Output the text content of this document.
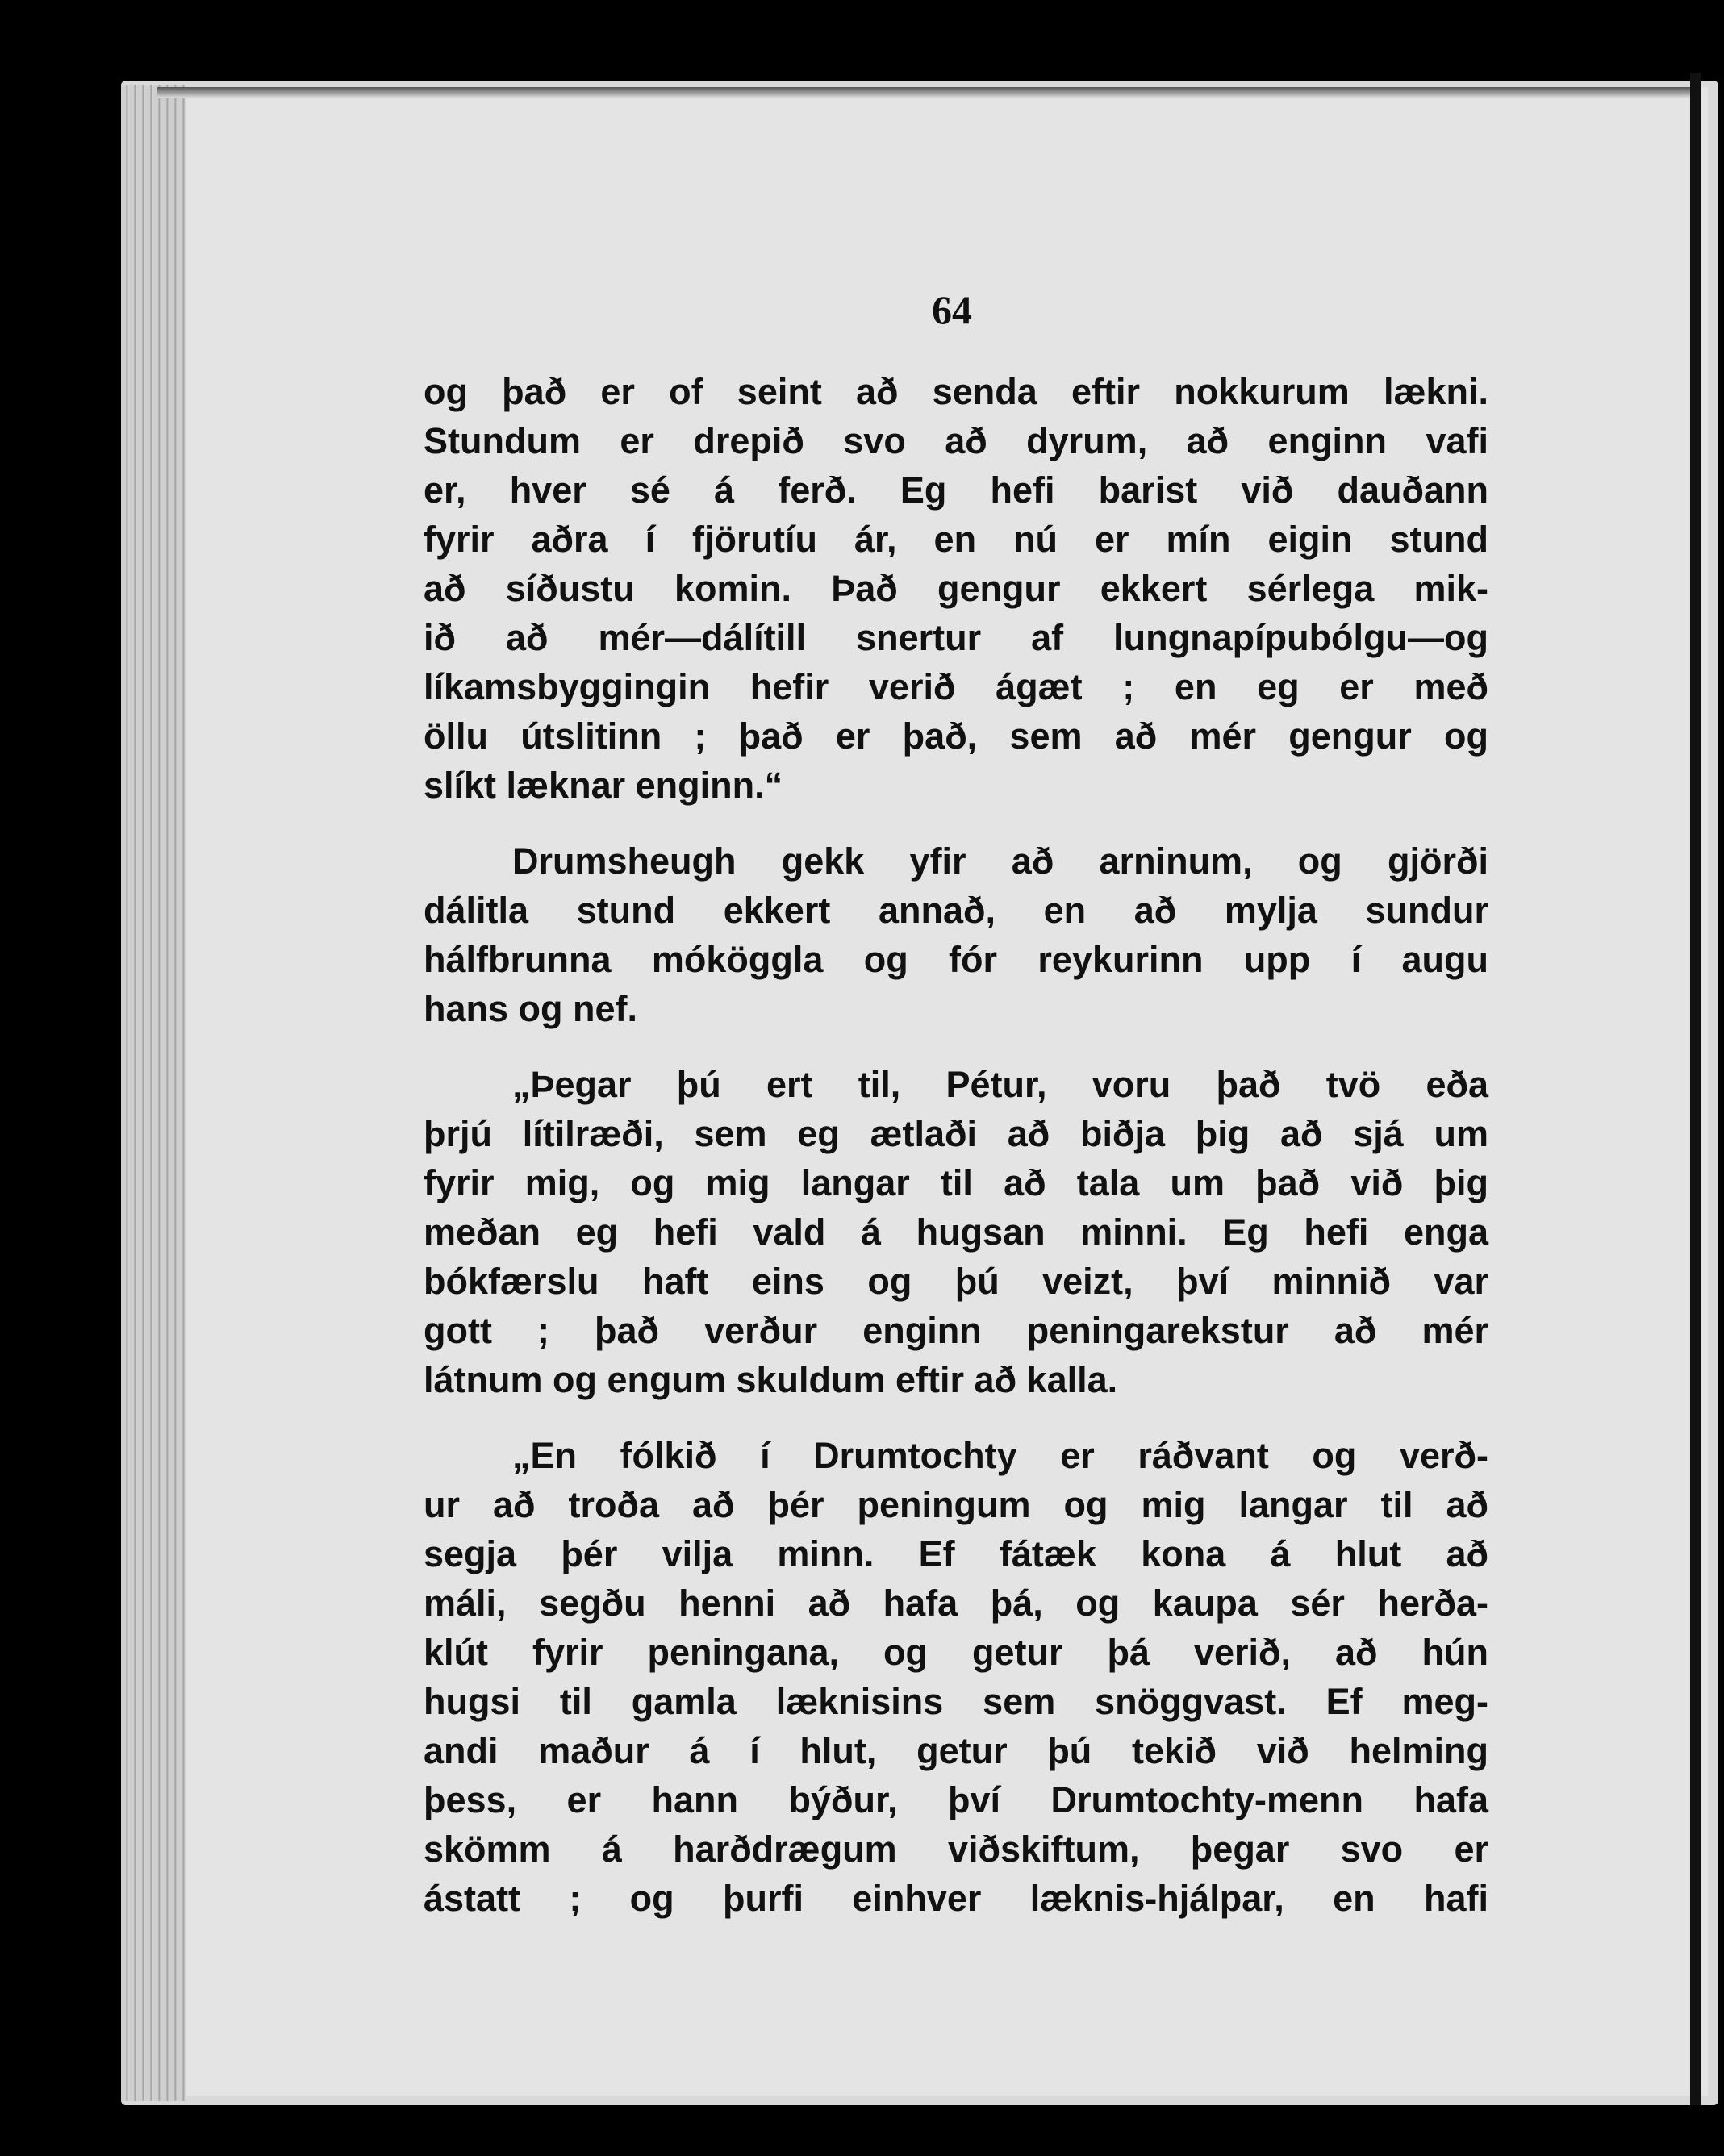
64
og það er of seint að senda eftir nokkurum lækni.
Stundum er drepið svo að dyrum, að enginn vafi
er, hver sé á ferð. Eg hefi barist við dauðann
fyrir aðra í fjörutíu ár, en nú er mín eigin stund
að síðustu komin. Það gengur ekkert sérlega mik-
ið að mér—dálítill snertur af lungnapípubólgu—og
líkamsbyggingin hefir verið ágæt ; en eg er með
öllu útslitinn ; það er það, sem að mér gengur og
slíkt læknar enginn.“
Drumsheugh gekk yfir að arninum, og gjörði
dálitla stund ekkert annað, en að mylja sundur
hálfbrunna móköggla og fór reykurinn upp í augu
hans og nef.
„Þegar þú ert til, Pétur, voru það tvö eða
þrjú lítilræði, sem eg ætlaði að biðja þig að sjá um
fyrir mig, og mig langar til að tala um það við þig
meðan eg hefi vald á hugsan minni. Eg hefi enga
bókfærslu haft eins og þú veizt, því minnið var
gott ; það verður enginn peningarekstur að mér
látnum og engum skuldum eftir að kalla.
„En fólkið í Drumtochty er ráðvant og verð-
ur að troða að þér peningum og mig langar til að
segja þér vilja minn. Ef fátæk kona á hlut að
máli, segðu henni að hafa þá, og kaupa sér herða-
klút fyrir peningana, og getur þá verið, að hún
hugsi til gamla læknisins sem snöggvast. Ef meg-
andi maður á í hlut, getur þú tekið við helming
þess, er hann býður, því Drumtochty-menn hafa
skömm á harðdrægum viðskiftum, þegar svo er
ástatt ; og þurfi einhver læknis-hjálpar, en hafi
